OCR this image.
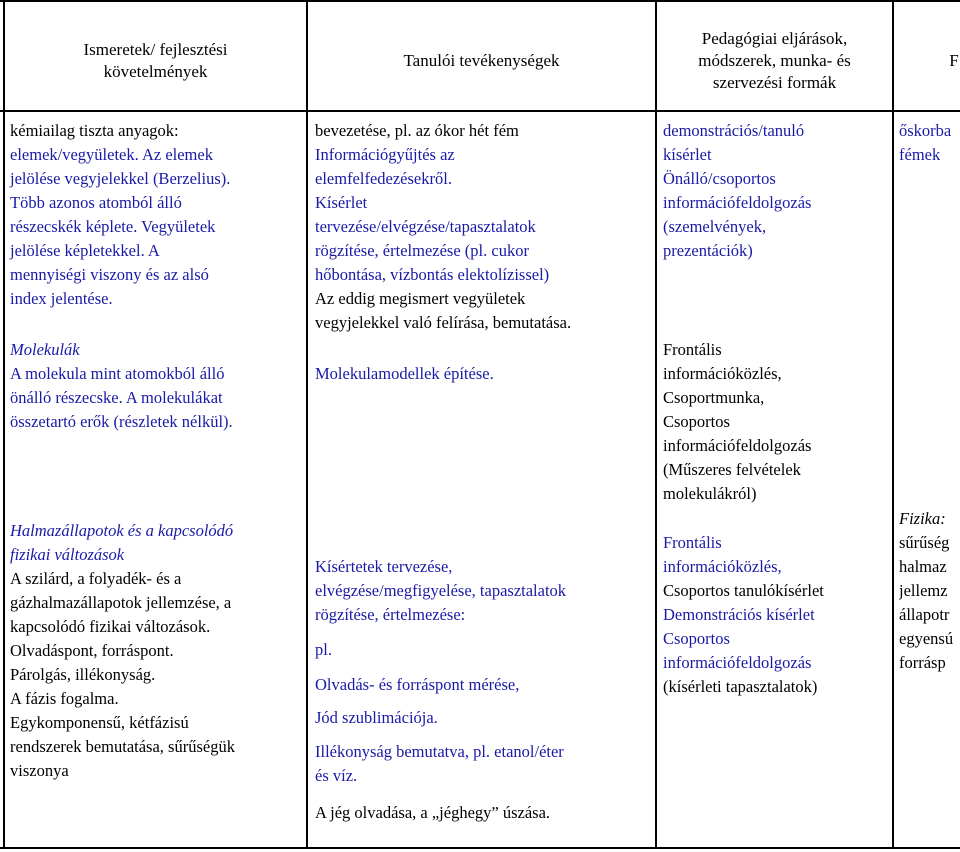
Ismeretek/ fejlesztési
követelmények
Tanulói tevékenységek
Pedagógiai eljárások,
módszerek, munka- és
szervezési formák
F
kémiailag tiszta anyagok:
elemek/vegyületek. Az elemek
jelölése vegyjelekkel (Berzelius).
Több azonos atomból álló
részecskék képlete. Vegyületek
jelölése képletekkel. A
mennyiségi viszony és az alsó
index jelentése.
Molekulák
A molekula mint atomokból álló
önálló részecske. A molekulákat
összetartó erők (részletek nélkül).
Halmazállapotok és a kapcsolódó
fizikai változások
A szilárd, a folyadék- és a
gázhalmazállapotok jellemzése, a
kapcsolódó fizikai változások.
Olvadáspont, forráspont.
Párolgás, illékonyság.
A fázis fogalma.
Egykomponensű, kétfázisú
rendszerek bemutatása, sűrűségük
viszonya
bevezetése, pl. az ókor hét fém
Információgyűjtés az
elemfelfedezésekről.
Kísérlet
tervezése/elvégzése/tapasztalatok
rögzítése, értelmezése (pl. cukor
hőbontása, vízbontás elektolízissel)
Az eddig megismert vegyületek
vegyjelekkel való felírása, bemutatása.
Molekulamodellek építése.
Kísértetek tervezése,
elvégzése/megfigyelése, tapasztalatok
rögzítése, értelmezése:
pl.
Olvadás- és forráspont mérése,
Jód szublimációja.
Illékonyság bemutatva, pl. etanol/éter
és víz.
A jég olvadása, a „jéghegy” úszása.
demonstrációs/tanuló
kísérlet
Önálló/csoportos
információfeldolgozás
(szemelvények,
prezentációk)
Frontális
információközlés,
Csoportmunka,
Csoportos
információfeldolgozás
(Műszeres felvételek
molekulákról)
Frontális
információközlés,
Csoportos tanulókísérlet
Demonstrációs kísérlet
Csoportos
információfeldolgozás
(kísérleti tapasztalatok)
őskorba
fémek
Fizika:
sűrűség
halmaz
jellemz
állapotr
egyensú
forrásp
